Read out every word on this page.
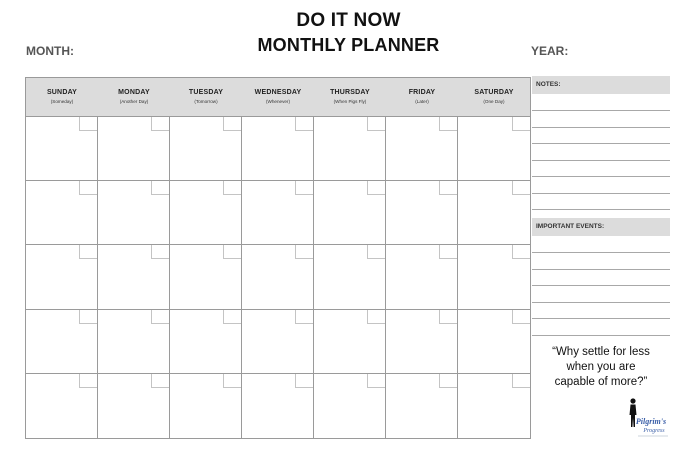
DO IT NOW
MONTHLY PLANNER
MONTH:	YEAR:
SUNDAY
(Someday)
MONDAY
(Another Day)
TUESDAY
(Tomorrow)
WEDNESDAY
(Whenever)
THURSDAY
(When Pigs Fly)
FRIDAY
(Later)
SATURDAY
(One Day)
NOTES:
IMPORTANT EVENTS:
“Why settle for less
when you are
capable of more?”
Pilgrim's
Progress
